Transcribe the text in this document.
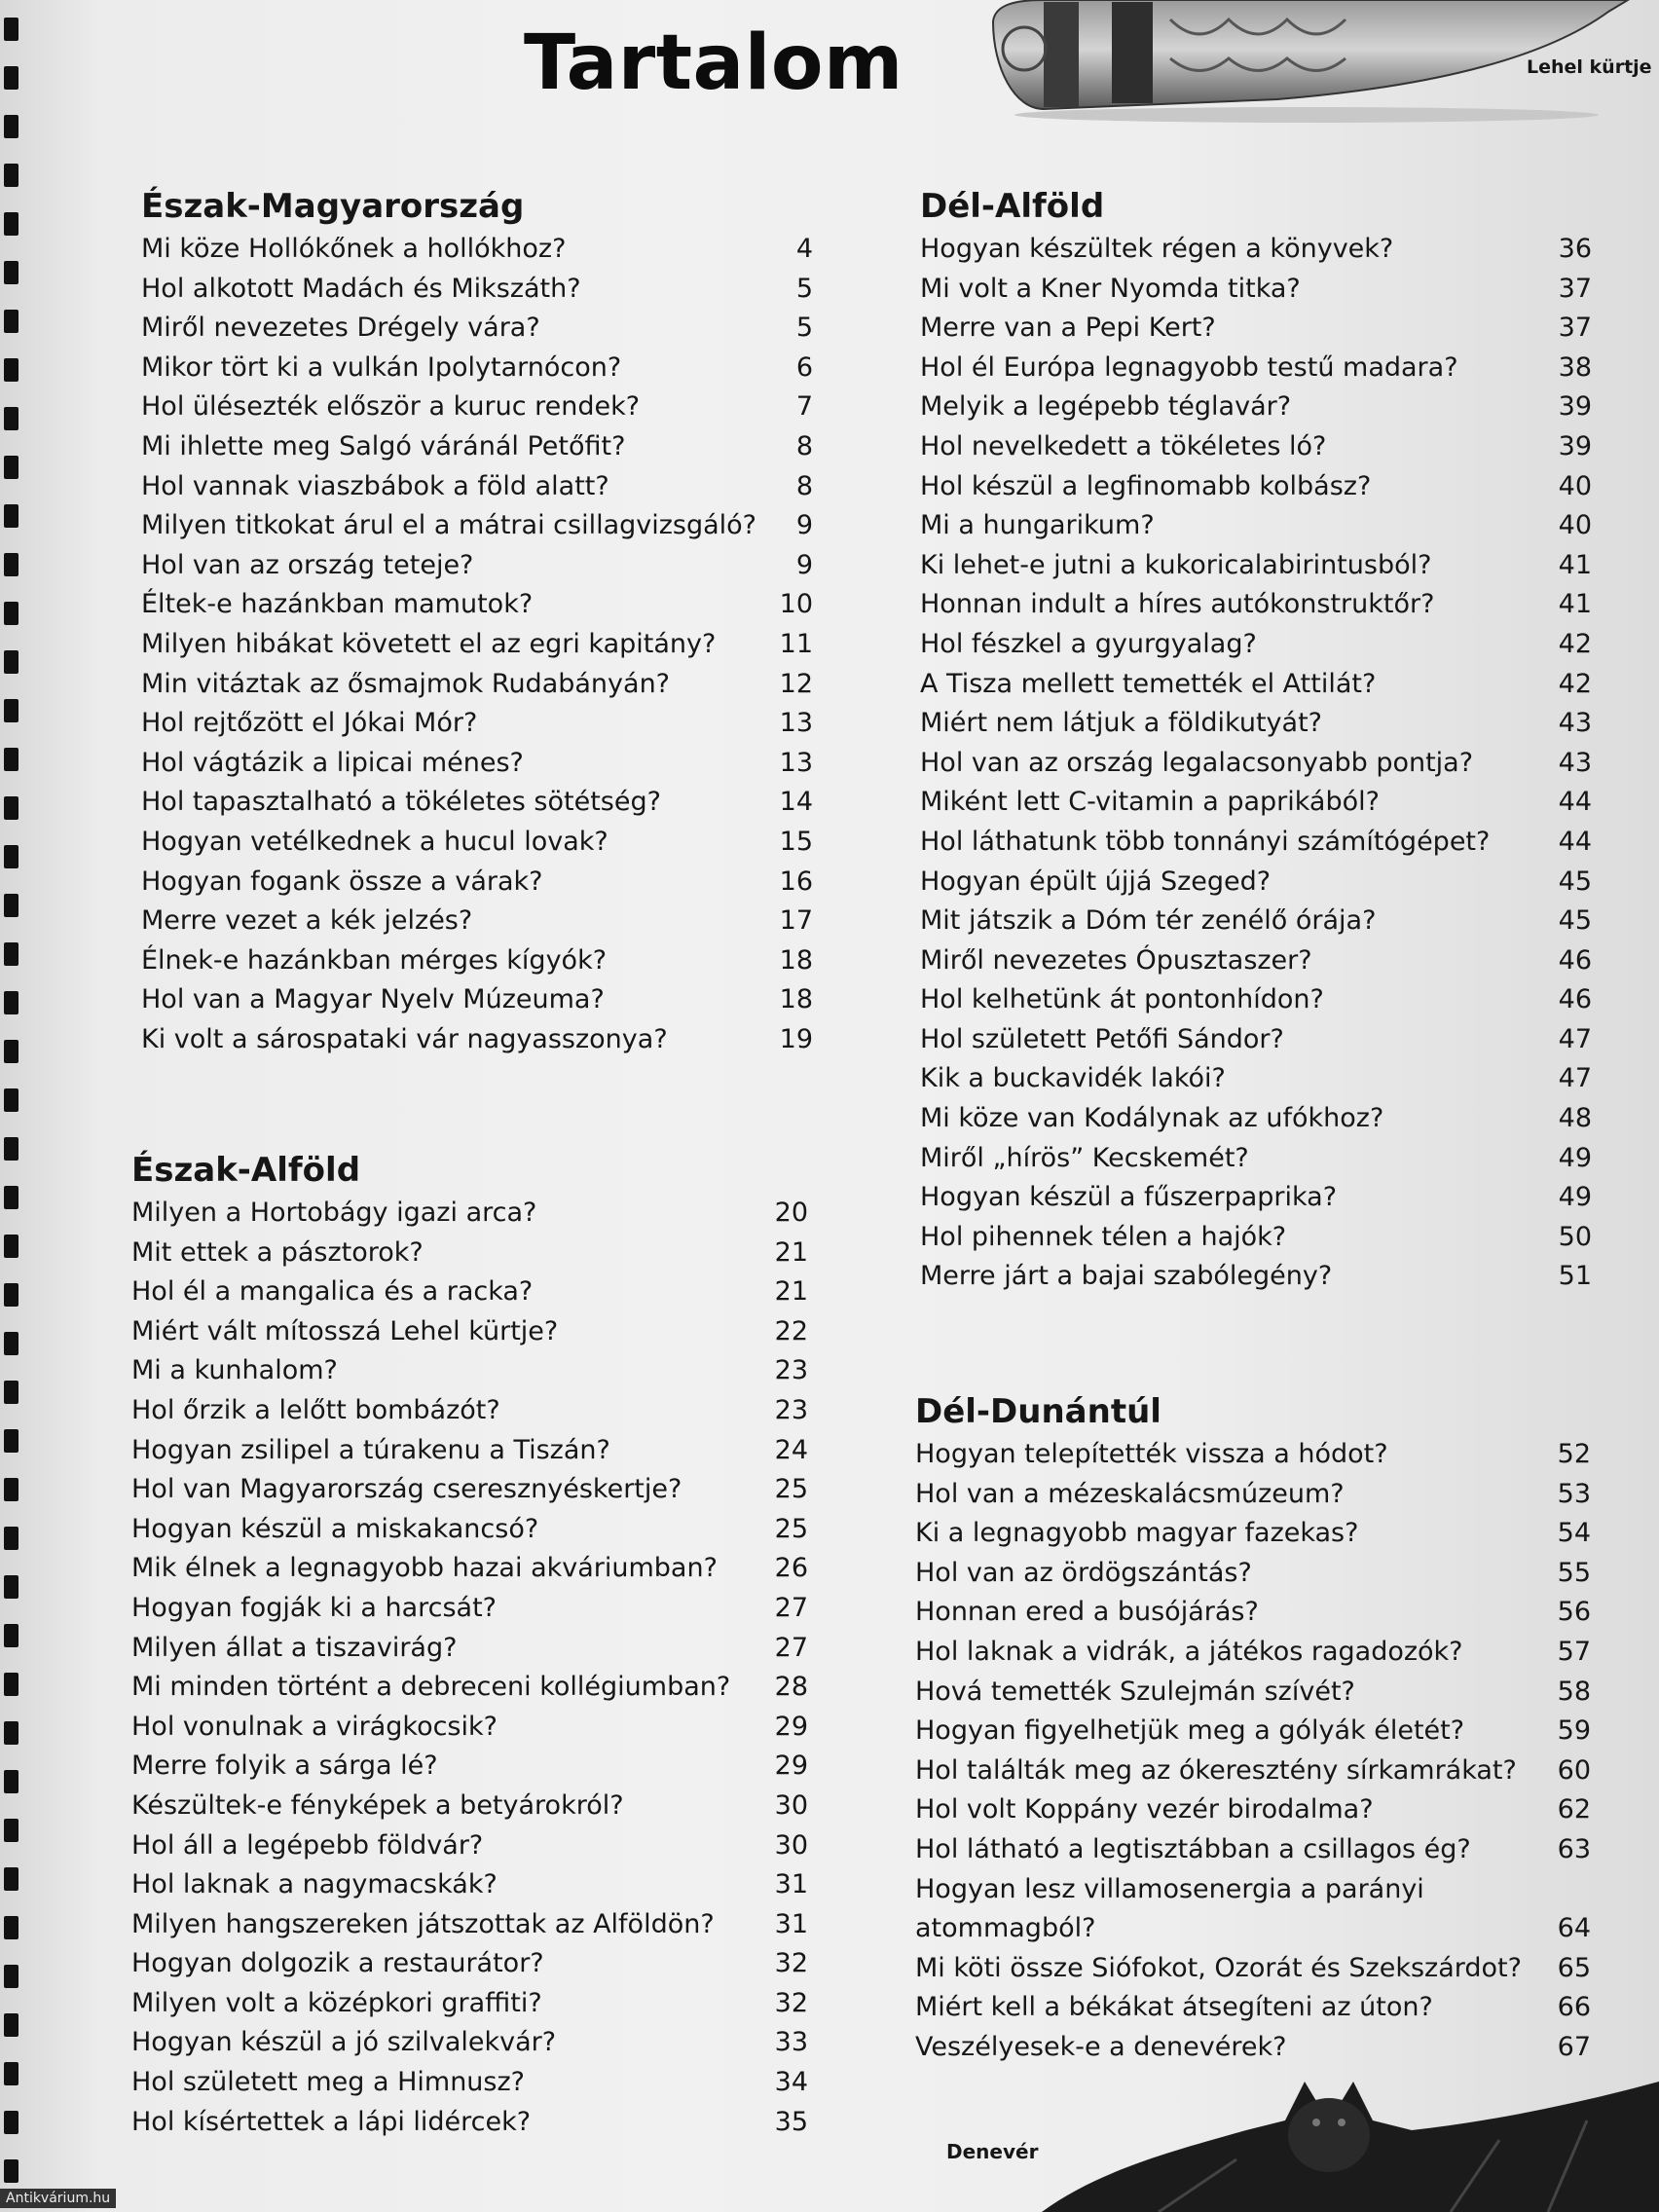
Tartalom	Lehel kürtje
Észak-Magyarország
Mi köze Hollókőnek a hollókhoz?	4
Hol alkotott Madách és Mikszáth?	5
Miről nevezetes Drégely vára?	5
Mikor tört ki a vulkán Ipolytarnócon?	6
Hol ülésezték először a kuruc rendek?	7
Mi ihlette meg Salgó váránál Petőfit?	8
Hol vannak viaszbábok a föld alatt?	8
Milyen titkokat árul el a mátrai csillagvizsgáló?	9
Hol van az ország teteje?	9
Éltek-e hazánkban mamutok?	10
Milyen hibákat követett el az egri kapitány?	11
Min vitáztak az ősmajmok Rudabányán?	12
Hol rejtőzött el Jókai Mór?	13
Hol vágtázik a lipicai ménes?	13
Hol tapasztalható a tökéletes sötétség?	14
Hogyan vetélkednek a hucul lovak?	15
Hogyan fogank össze a várak?	16
Merre vezet a kék jelzés?	17
Élnek-e hazánkban mérges kígyók?	18
Hol van a Magyar Nyelv Múzeuma?	18
Ki volt a sárospataki vár nagyasszonya?	19
Észak-Alföld
Milyen a Hortobágy igazi arca?	20
Mit ettek a pásztorok?	21
Hol él a mangalica és a racka?	21
Miért vált mítosszá Lehel kürtje?	22
Mi a kunhalom?	23
Hol őrzik a lelőtt bombázót?	23
Hogyan zsilipel a túrakenu a Tiszán?	24
Hol van Magyarország cseresznyéskertje?	25
Hogyan készül a miskakancsó?	25
Mik élnek a legnagyobb hazai akváriumban?	26
Hogyan fogják ki a harcsát?	27
Milyen állat a tiszavirág?	27
Mi minden történt a debreceni kollégiumban?	28
Hol vonulnak a virágkocsik?	29
Merre folyik a sárga lé?	29
Készültek-e fényképek a betyárokról?	30
Hol áll a legépebb földvár?	30
Hol laknak a nagymacskák?	31
Milyen hangszereken játszottak az Alföldön?	31
Hogyan dolgozik a restaurátor?	32
Milyen volt a középkori graffiti?	32
Hogyan készül a jó szilvalekvár?	33
Hol született meg a Himnusz?	34
Hol kísértettek a lápi lidércek?	35
Dél-Alföld
Hogyan készültek régen a könyvek?	36
Mi volt a Kner Nyomda titka?	37
Merre van a Pepi Kert?	37
Hol él Európa legnagyobb testű madara?	38
Melyik a legépebb téglavár?	39
Hol nevelkedett a tökéletes ló?	39
Hol készül a legfinomabb kolbász?	40
Mi a hungarikum?	40
Ki lehet-e jutni a kukoricalabirintusból?	41
Honnan indult a híres autókonstruktőr?	41
Hol fészkel a gyurgyalag?	42
A Tisza mellett temették el Attilát?	42
Miért nem látjuk a földikutyát?	43
Hol van az ország legalacsonyabb pontja?	43
Miként lett C-vitamin a paprikából?	44
Hol láthatunk több tonnányi számítógépet?	44
Hogyan épült újjá Szeged?	45
Mit játszik a Dóm tér zenélő órája?	45
Miről nevezetes Ópusztaszer?	46
Hol kelhetünk át pontonhídon?	46
Hol született Petőfi Sándor?	47
Kik a buckavidék lakói?	47
Mi köze van Kodálynak az ufókhoz?	48
Miről „hírös” Kecskemét?	49
Hogyan készül a fűszerpaprika?	49
Hol pihennek télen a hajók?	50
Merre járt a bajai szabólegény?	51
Dél-Dunántúl
Hogyan telepítették vissza a hódot?	52
Hol van a mézeskalácsmúzeum?	53
Ki a legnagyobb magyar fazekas?	54
Hol van az ördögszántás?	55
Honnan ered a busójárás?	56
Hol laknak a vidrák, a játékos ragadozók?	57
Hová temették Szulejmán szívét?	58
Hogyan figyelhetjük meg a gólyák életét?	59
Hol találták meg az ókeresztény sírkamrákat?	60
Hol volt Koppány vezér birodalma?	62
Hol látható a legtisztábban a csillagos ég?	63
Hogyan lesz villamosenergia a parányi atommagból?	64
Mi köti össze Siófokot, Ozorát és Szekszárdot?	65
Miért kell a békákat átsegíteni az úton?	66
Veszélyesek-e a denevérek?	67
Denevér
Antikvárium.hu
